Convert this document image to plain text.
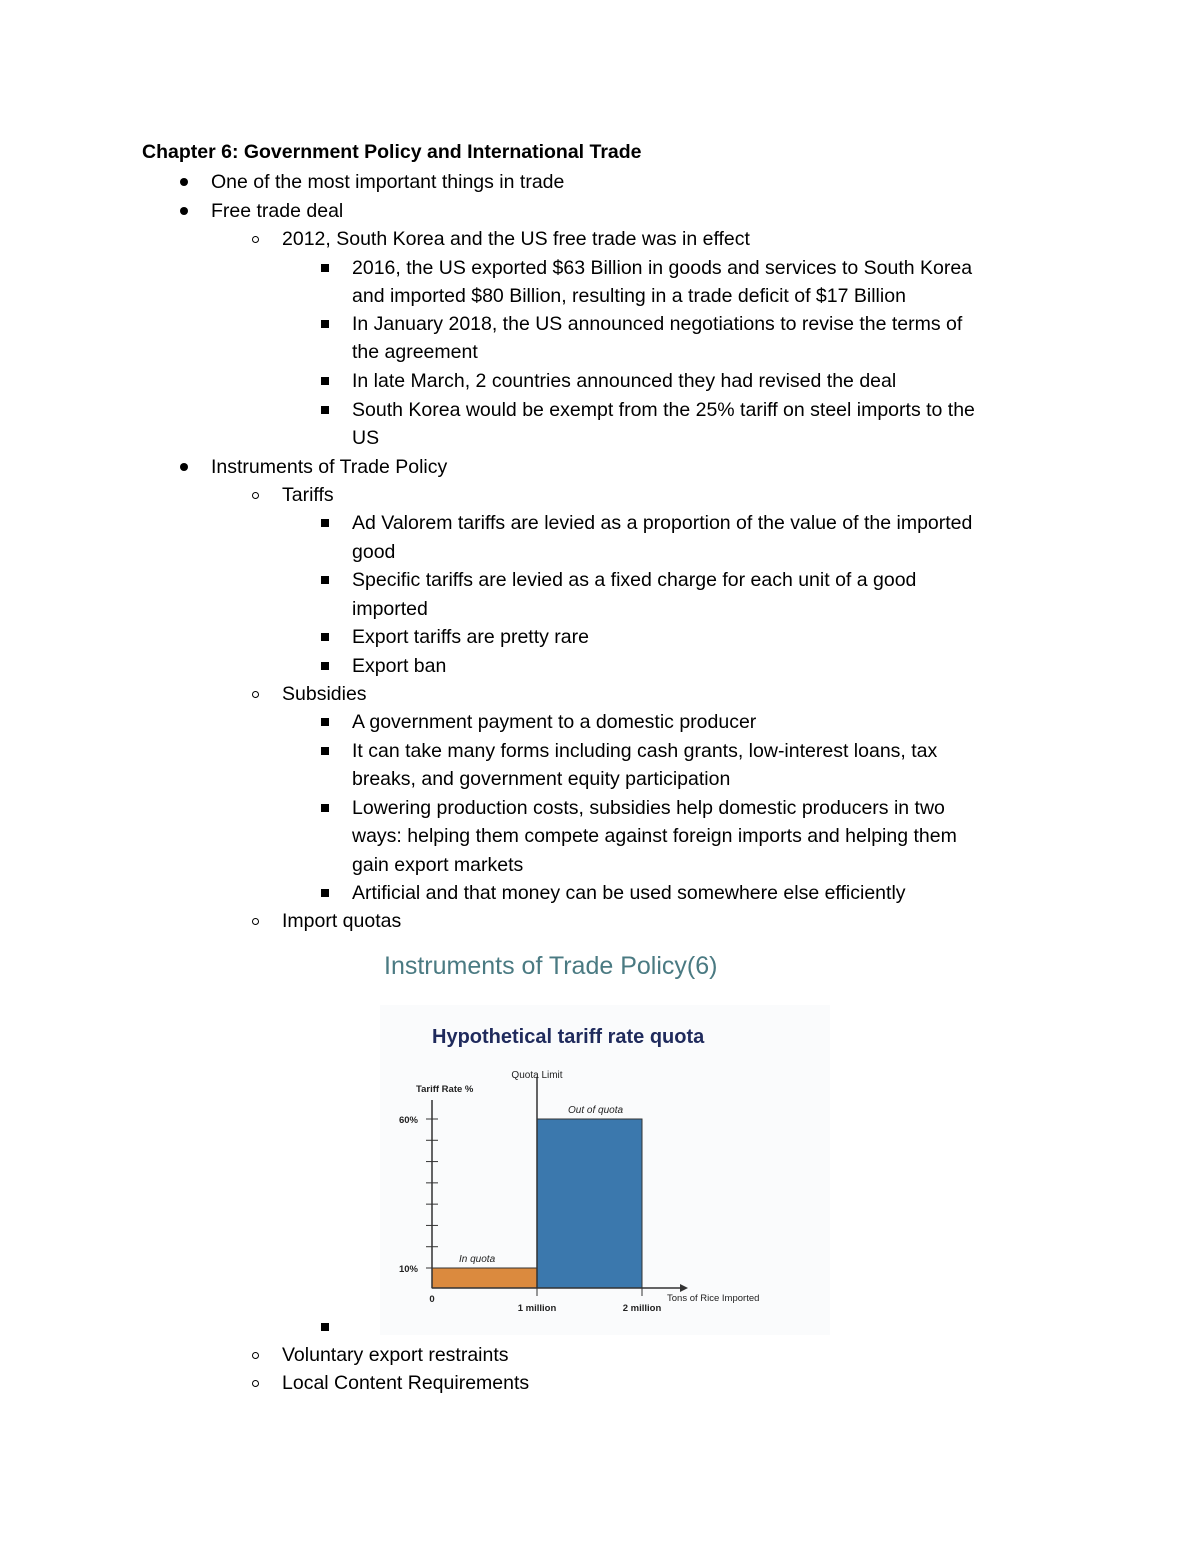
Chapter 6: Government Policy and International Trade
One of the most important things in trade
Free trade deal
2012, South Korea and the US free trade was in effect
2016, the US exported $63 Billion in goods and services to South Korea
and imported $80 Billion, resulting in a trade deficit of $17 Billion
In January 2018, the US announced negotiations to revise the terms of
the agreement
In late March, 2 countries announced they had revised the deal
South Korea would be exempt from the 25% tariff on steel imports to the
US
Instruments of Trade Policy
Tariffs
Ad Valorem tariffs are levied as a proportion of the value of the imported
good
Specific tariffs are levied as a fixed charge for each unit of a good
imported
Export tariffs are pretty rare
Export ban
Subsidies
A government payment to a domestic producer
It can take many forms including cash grants, low-interest loans, tax
breaks, and government equity participation
Lowering production costs, subsidies help domestic producers in two
ways: helping them compete against foreign imports and helping them
gain export markets
Artificial and that money can be used somewhere else efficiently
Import quotas
Voluntary export restraints
Local Content Requirements
Instruments of Trade Policy(6)
Hypothetical tariff rate quota
Quota Limit
10%
60%
Tariff Rate %
0
1 million	2 million
Tons of Rice Imported
In quota
Out of quota
